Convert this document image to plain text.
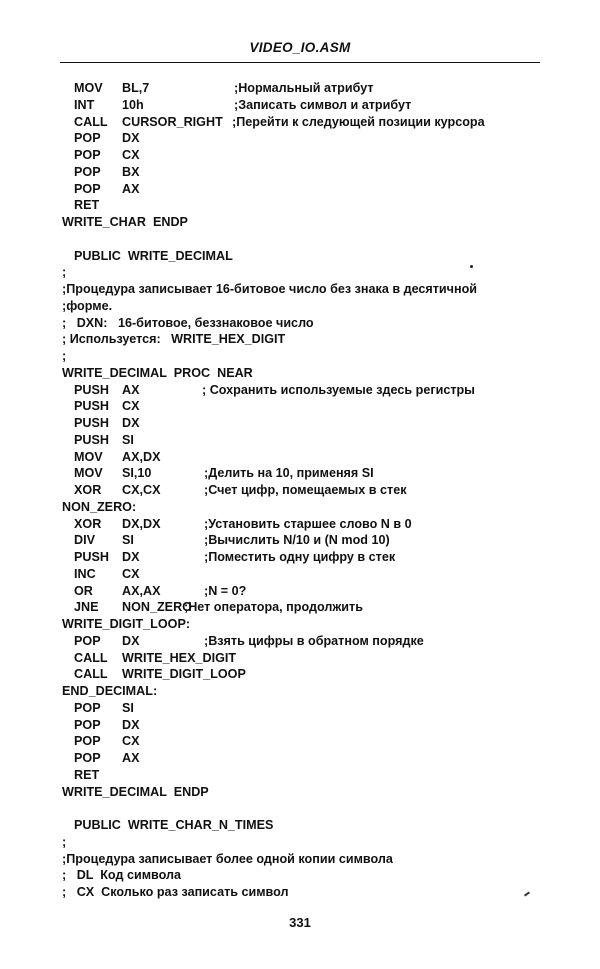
VIDEO_IO.ASM
MOV BL,7	;Нормальный атрибут
INT 10h	;Записать символ и атрибут
CALL CURSOR_RIGHT ;Перейти к следующей позиции курсора
POP DX
POP CX
POP BX
POP AX
RET
WRITE_CHAR  ENDP
PUBLIC  WRITE_DECIMAL
;
;Процедура записывает 16-битовое число без знака в десятичной
;форме.
;   DXN:   16-битовое, беззнаковое число
; Используется:   WRITE_HEX_DIGIT
;
WRITE_DECIMAL  PROC  NEAR
PUSH AX	; Сохранить используемые здесь регистры
PUSH CX
PUSH DX
PUSH SI
MOV AX,DX
MOV SI,10	;Делить на 10, применяя SI
XOR CX,CX	;Счет цифр, помещаемых в стек
NON_ZERO:
XOR DX,DX	;Установить старшее слово N в 0
DIV SI	;Вычислить N/10 и (N mod 10)
PUSH DX	;Поместить одну цифру в стек
INC CX
OR AX,AX	;N = 0?
JNE NON_ZERO
;Нет оператора, продолжить
WRITE_DIGIT_LOOP:
POP DX	;Взять цифры в обратном порядке
CALL WRITE_HEX_DIGIT
CALL WRITE_DIGIT_LOOP
END_DECIMAL:
POP SI
POP DX
POP CX
POP AX
RET
WRITE_DECIMAL  ENDP
PUBLIC  WRITE_CHAR_N_TIMES
;
;Процедура записывает более одной копии символа
;   DL  Код символа
;   CX  Сколько раз записать символ
331
